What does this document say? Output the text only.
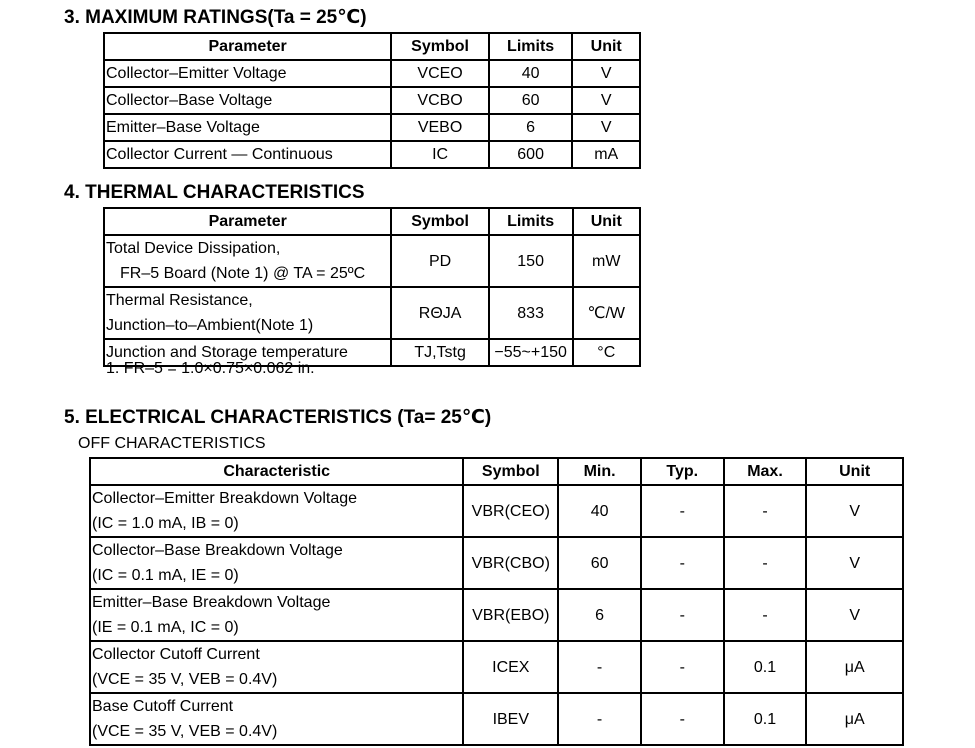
3. MAXIMUM RATINGS(Ta = 25℃)
Parameter	Symbol	Limits	Unit
Collector–Emitter Voltage	VCEO	40	V
Collector–Base Voltage	VCBO	60	V
Emitter–Base Voltage	VEBO	6	V
Collector Current — Continuous	IC	600	mA
4. THERMAL CHARACTERISTICS
Parameter	Symbol	Limits	Unit

Total Device Dissipation,
FR–5 Board (Note 1) @ TA = 25ºC	PD	150	mW

Thermal Resistance,
Junction–to–Ambient(Note 1)	RΘJA	833	℃/W
Junction and Storage temperature	TJ,Tstg	−55~+150	°C
1. FR–5 = 1.0×0.75×0.062 in.
5. ELECTRICAL CHARACTERISTICS (Ta= 25℃)
OFF CHARACTERISTICS
Characteristic	Symbol	Min.	Typ.	Max.	Unit

Collector–Emitter Breakdown Voltage
(IC = 1.0 mA, IB = 0)	VBR(CEO)	40	-	-	V

Collector–Base Breakdown Voltage
(IC = 0.1 mA, IE = 0)	VBR(CBO)	60	-	-	V

Emitter–Base Breakdown Voltage
(IE = 0.1 mA, IC = 0)	VBR(EBO)	6	-	-	V

Collector Cutoff Current
(VCE = 35 V, VEB = 0.4V)	ICEX	-	-	0.1	μA

Base Cutoff Current
(VCE = 35 V, VEB = 0.4V)	IBEV	-	-	0.1	μA
